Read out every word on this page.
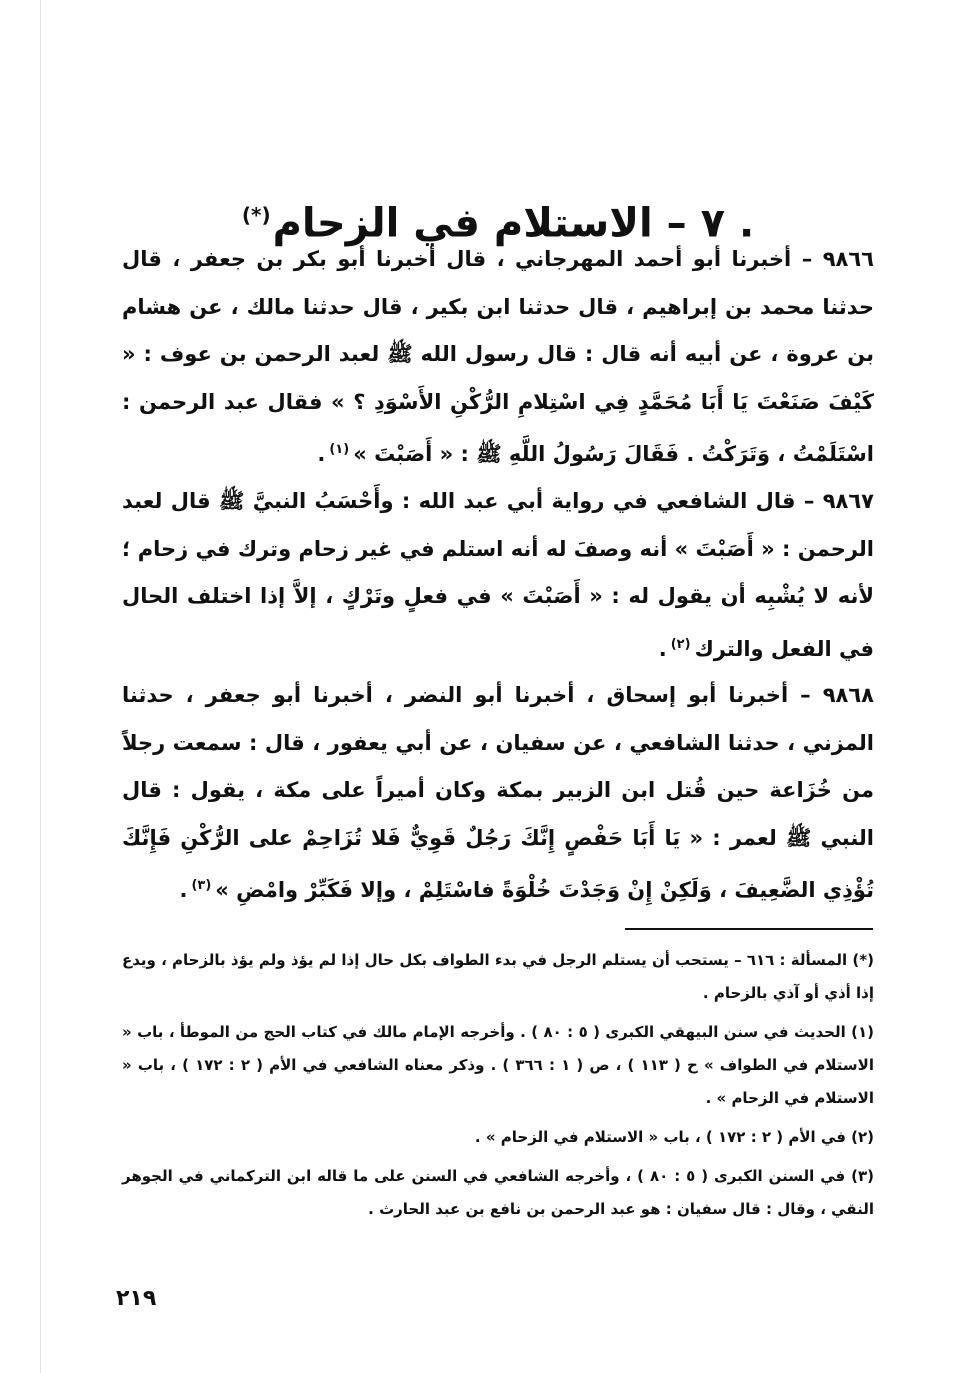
. ٧ – الاستلام في الزحام(*)

٩٨٦٦ – أخبرنا أبو أحمد المهرجاني ، قال أخبرنا أبو بكر بن جعفر ، قال حدثنا محمد بن إبراهيم ، قال حدثنا ابن بكير ، قال حدثنا مالك ، عن هشام بن عروة ، عن أبيه أنه قال : قال رسول الله ﷺ لعبد الرحمن بن عوف : « كَيْفَ صَنَعْتَ يَا أَبَا مُحَمَّدٍ فِي اسْتِلامِ الرُّكْنِ الأَسْوَدِ ؟ » فقال عبد الرحمن : اسْتَلَمْتُ ، وَتَرَكْتُ . فَقَالَ رَسُولُ اللَّهِ ﷺ : « أَصَبْتَ »$^{(١)}$.

٩٨٦٧ – قال الشافعي في رواية أبي عبد الله : وأَحْسَبُ النبيَّ ﷺ قال لعبد الرحمن : « أَصَبْتَ » أنه وصفَ له أنه استلم في غير زحام وترك في زحام ؛ لأنه لا يُشْبِه أن يقول له : « أَصَبْتَ » في فعلٍ وتَرْكٍ ، إلاَّ إذا اختلف الحال في الفعل والترك$^{(٢)}$.

٩٨٦٨ – أخبرنا أبو إسحاق ، أخبرنا أبو النضر ، أخبرنا أبو جعفر ، حدثنا المزني ، حدثنا الشافعي ، عن سفيان ، عن أبي يعفور ، قال : سمعت رجلاً من خُزَاعة حين قُتل ابن الزبير بمكة وكان أميراً على مكة ، يقول : قال النبي ﷺ لعمر : « يَا أَبَا حَفْصٍ إِنَّكَ رَجُلٌ قَوِيٌّ فَلا تُزَاحِمْ على الرُّكْنِ فَإِنَّكَ تُؤْذِي الضَّعِيفَ ، وَلَكِنْ إِنْ وَجَدْتَ خُلْوَةً فاسْتَلِمْ ، وإلا فَكَبِّرْ وامْضِ »$^{(٣)}$.

(*) المسألة : ٦١٦ – يستحب أن يستلم الرجل في بدء الطواف بكل حال إذا لم يؤذ ولم يؤذ بالزحام ، ويدع إذا أذي أو آذي بالزحام .

(١) الحديث في سنن البيهقي الكبرى ( ٥ : ٨٠ ) . وأخرجه الإمام مالك في كتاب الحج من الموطأ ، باب « الاستلام في الطواف » ح ( ١١٣ ) ، ص ( ١ : ٣٦٦ ) . وذكر معناه الشافعي في الأم ( ٢ : ١٧٢ ) ، باب « الاستلام في الزحام » .

(٢) في الأم ( ٢ : ١٧٢ ) ، باب « الاستلام في الزحام » .

(٣) في السنن الكبرى ( ٥ : ٨٠ ) ، وأخرجه الشافعي في السنن على ما قاله ابن التركماني في الجوهر النقي ، وقال : قال سفيان : هو عبد الرحمن بن نافع بن عبد الحارث .

٢١٩
